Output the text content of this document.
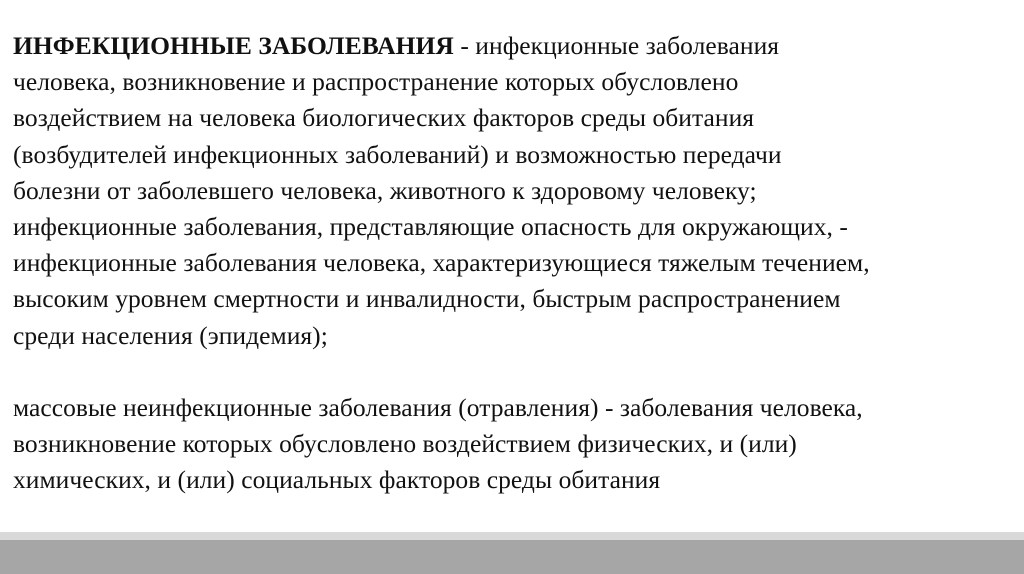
ИНФЕКЦИОННЫЕ ЗАБОЛЕВАНИЯ - инфекционные заболевания
человека, возникновение и распространение которых обусловлено
воздействием на человека биологических факторов среды обитания
(возбудителей инфекционных заболеваний) и возможностью передачи
болезни от заболевшего человека, животного к здоровому человеку;
инфекционные заболевания, представляющие опасность для окружающих, -
инфекционные заболевания человека, характеризующиеся тяжелым течением,
высоким уровнем смертности и инвалидности, быстрым распространением
среди населения (эпидемия);
массовые неинфекционные заболевания (отравления) - заболевания человека,
возникновение которых обусловлено воздействием физических, и (или)
химических, и (или) социальных факторов среды обитания
